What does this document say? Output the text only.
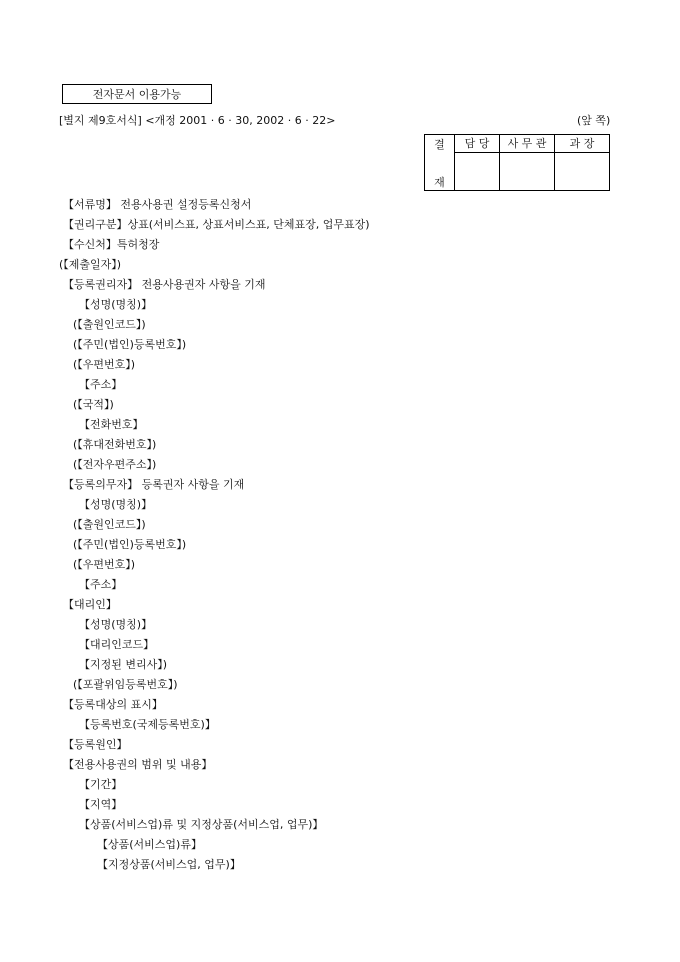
전자문서 이용가능
[별지 제9호서식] <개정 2001 · 6 · 30, 2002 · 6 · 22>	(앞 쪽)
결
재	담 당	사 무 관	과 장

【서류명】 전용사용권 설정등록신청서
【권리구분】상표(서비스표, 상표서비스표, 단체표장, 업무표장)
【수신처】특허청장
(【제출일자】)
【등록권리자】 전용사용권자 사항을 기재
【성명(명칭)】
(【출원인코드】)
(【주민(법인)등록번호】)
(【우편번호】)
【주소】
(【국적】)
【전화번호】
(【휴대전화번호】)
(【전자우편주소】)
【등록의무자】 등록권자 사항을 기재
【성명(명칭)】
(【출원인코드】)
(【주민(법인)등록번호】)
(【우편번호】)
【주소】
【대리인】
【성명(명칭)】
【대리인코드】
【지정된 변리사】)
(【포괄위임등록번호】)
【등록대상의 표시】
【등록번호(국제등록번호)】
【등록원인】
【전용사용권의 범위 및 내용】
【기간】
【지역】
【상품(서비스업)류 및 지정상품(서비스업, 업무)】
【상품(서비스업)류】
【지정상품(서비스업, 업무)】
